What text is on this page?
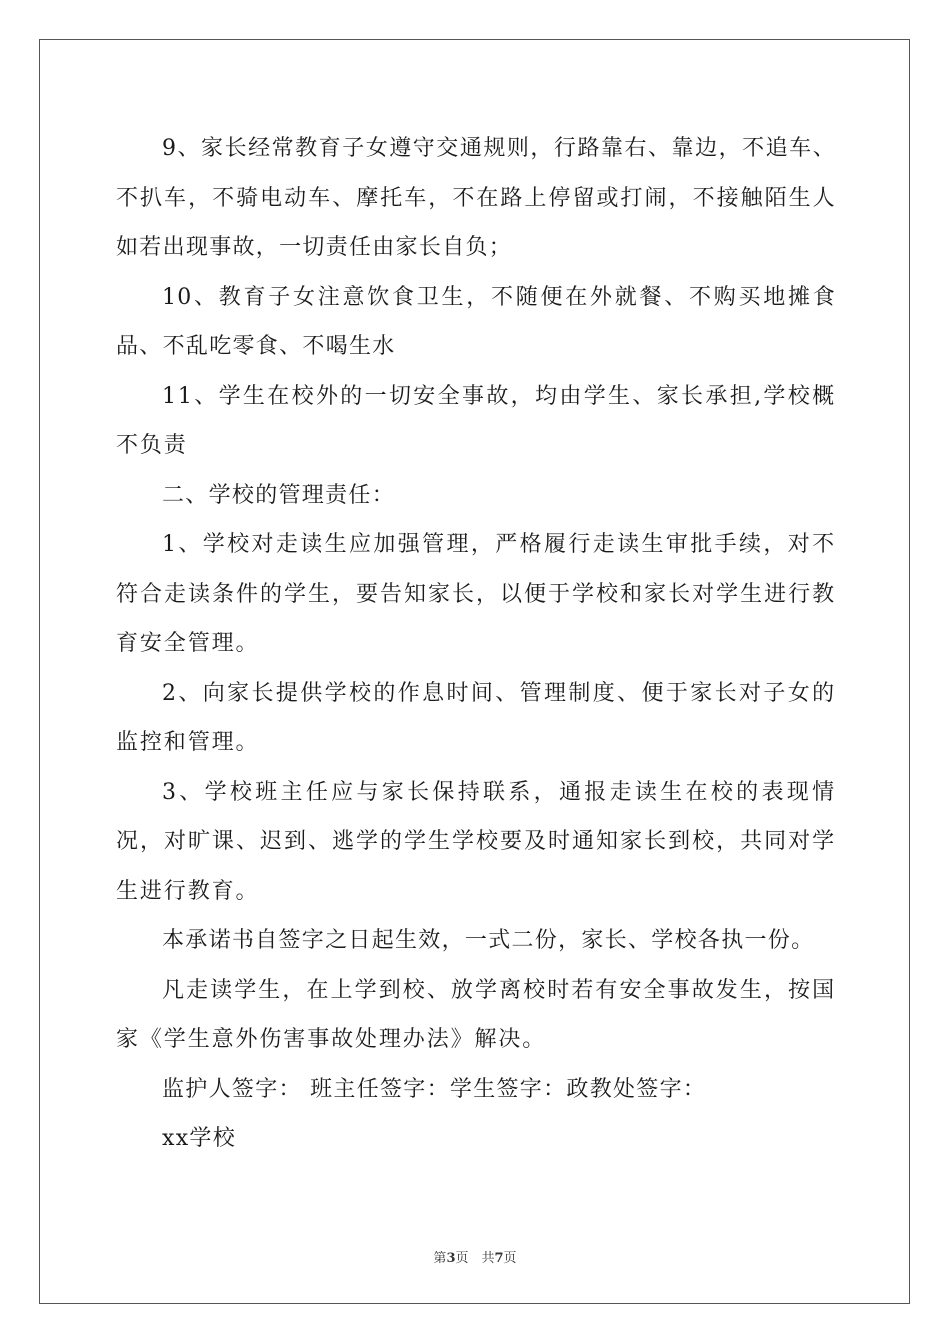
9、家长经常教育子女遵守交通规则，行路靠右、靠边，不追车、不扒车，不骑电动车、摩托车，不在路上停留或打闹，不接触陌生人如若出现事故，一切责任由家长自负；

10、教育子女注意饮食卫生，不随便在外就餐、不购买地摊食品、不乱吃零食、不喝生水

11、学生在校外的一切安全事故，均由学生、家长承担,学校概不负责

二、学校的管理责任：

1、学校对走读生应加强管理，严格履行走读生审批手续，对不符合走读条件的学生，要告知家长，以便于学校和家长对学生进行教育安全管理。

2、向家长提供学校的作息时间、管理制度、便于家长对子女的监控和管理。

3、学校班主任应与家长保持联系，通报走读生在校的表现情况，对旷课、迟到、逃学的学生学校要及时通知家长到校，共同对学生进行教育。

本承诺书自签字之日起生效，一式二份，家长、学校各执一份。

凡走读学生，在上学到校、放学离校时若有安全事故发生，按国家《学生意外伤害事故处理办法》解决。

监护人签字： 班主任签字：学生签字：政教处签字：

xx学校

第3页　共7页
